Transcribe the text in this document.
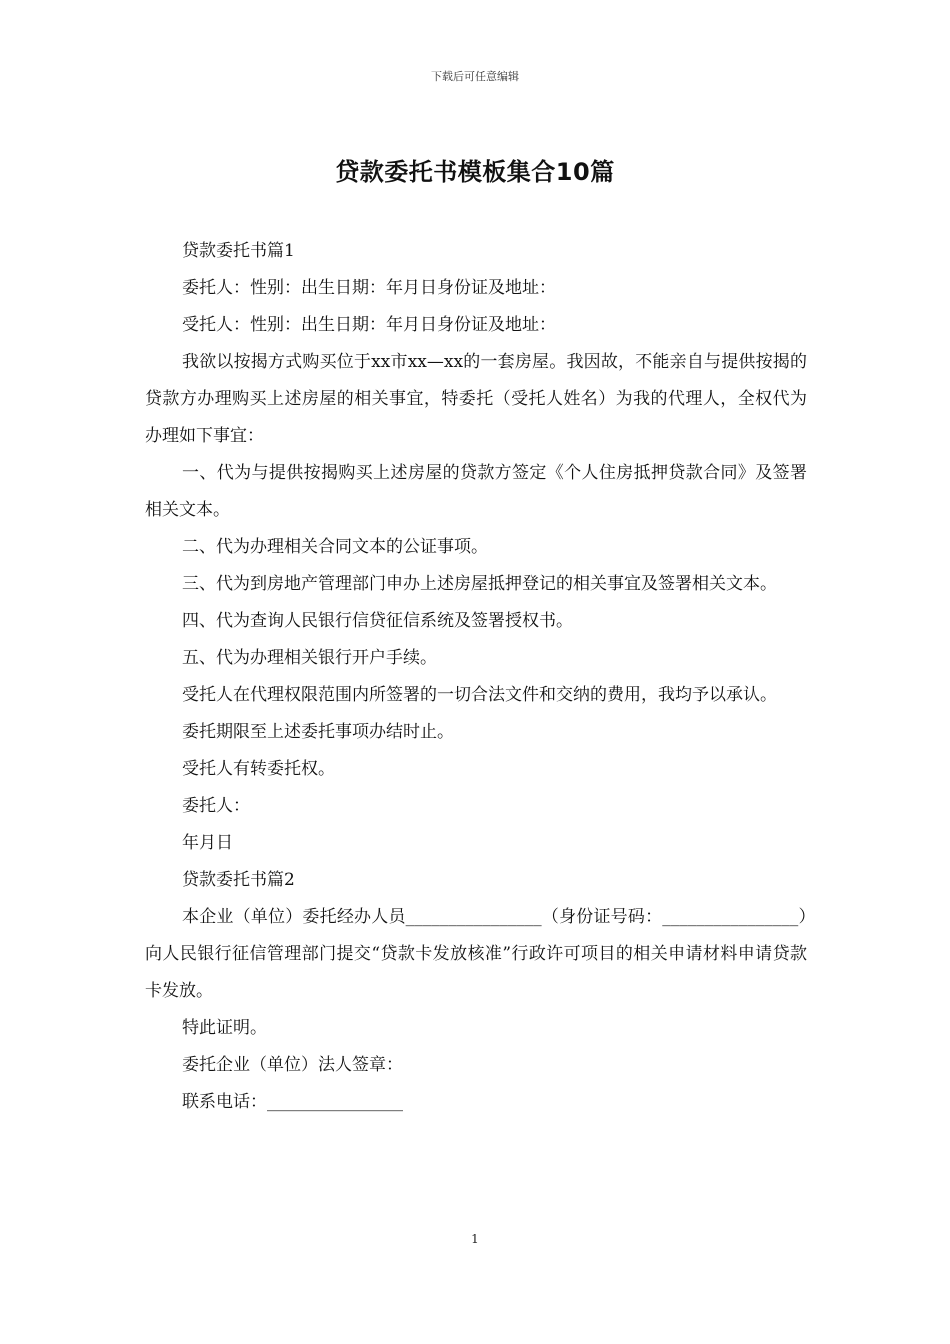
下载后可任意编辑
贷款委托书模板集合10篇

贷款委托书篇1

委托人：性别：出生日期：年月日身份证及地址：

受托人：性别：出生日期：年月日身份证及地址：

我欲以按揭方式购买位于xx市xx—xx的一套房屋。我因故，不能亲自与提供按揭的贷款方办理购买上述房屋的相关事宜，特委托（受托人姓名）为我的代理人，全权代为办理如下事宜：

一、代为与提供按揭购买上述房屋的贷款方签定《个人住房抵押贷款合同》及签署相关文本。

二、代为办理相关合同文本的公证事项。

三、代为到房地产管理部门申办上述房屋抵押登记的相关事宜及签署相关文本。

四、代为查询人民银行信贷征信系统及签署授权书。

五、代为办理相关银行开户手续。

受托人在代理权限范围内所签署的一切合法文件和交纳的费用，我均予以承认。

委托期限至上述委托事项办结时止。

受托人有转委托权。

委托人：

年月日

贷款委托书篇2

本企业（单位）委托经办人员________________（身份证号码：________________）向人民银行征信管理部门提交“贷款卡发放核准”行政许可项目的相关申请材料申请贷款卡发放。

特此证明。

委托企业（单位）法人签章：

联系电话：________________

1
